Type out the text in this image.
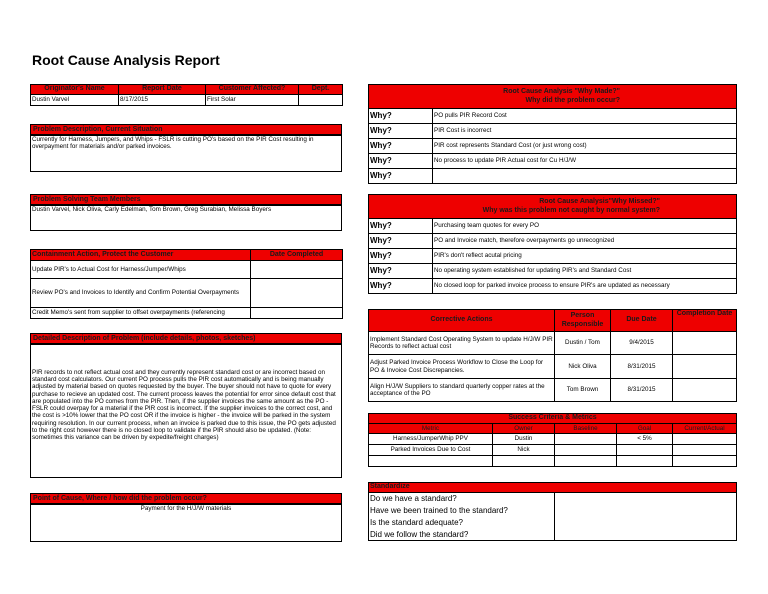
Root Cause Analysis Report
Originator's Name	Report Date	Customer Affected?	Dept.
Dustin Varvel	8/17/2015	First Solar	
Problem Description, Current Situation
Currently for Harness, Jumpers, and Whips - FSLR is cutting PO's based on the PIR Cost resulting in overpayment for materials and/or parked invoices.
Problem Solving Team Members
Dustin Varvel, Nick Oliva, Carly Edelman, Tom Brown, Greg Surabian, Melissa Boyers
Containment Action, Protect the Customer	Date Completed
Update PIR's to Actual Cost for Harness/Jumper/Whips	
Review PO's and Invoices to Identify and Confirm Potential Overpayments	
Credit Memo's sent from supplier to offset overpayments (referencing	
Detailed Description of Problem (include details, photos, sketches)
PIR records to not reflect actual cost and they currently represent standard cost or are incorrect based on standard cost calculators. Our current PO process pulls the PIR cost automatically and is being manually adjusted by material based on quotes requested by the buyer. The buyer should not have to quote for every purchase to recieve an updated cost. The current process leaves the potential for error since default cost that are populated into the PO comes from the PIR. Then, if the supplier invoices the same amount as the PO - FSLR could overpay for a material if the PIR cost is incorrect. If the supplier invoices to the correct cost, and the cost is >10% lower that the PO cost OR if the invoice is higher - the invoice will be parked in the system requiring resolution. In our current process, when an invoice is parked due to this issue, the PO gets adjusted to the right cost however there is no closed loop to validate if the PIR should also be updated. (Note: sometimes this variance can be driven by expedite/freight charges)
Point of Cause, Where / how did the problem occur?
Payment for the H/J/W materials
Root Cause Analysis "Why Made?"
Why did the problem occur?	

Why?	PO pulls PIR Record Cost
Why?	PIR Cost is incorrect
Why?	PIR cost represents Standard Cost (or just wrong cost)
Why?	No process to update PIR Actual cost for Cu H/J/W
Why?	
Root Cause Analysis"Why Missed?"
Why was this problem not caught by normal system?	

Why?	Purchasing team quotes for every PO
Why?	PO and Invoice match, therefore overpayments go unrecognized
Why?	PIR's don't reflect acutal pricing
Why?	No operating system established for updating PIR's and Standard Cost
Why?	No closed loop for parked invoice process to ensure PIR's are updated as necessary
Corrective Actions	Person Responsible	Due Date	Completion Date
Implement Standard Cost Operating System to update H/J/W PIR Records to reflect actual cost	Dustin / Tom	9/4/2015	
Adjust Parked Invoice Process Workflow to Close the Loop for PO & Invoice Cost Discrepancies.	Nick Oliva	8/31/2015	
Align H/J/W Suppliers to standard quarterly copper rates at the acceptance of the PO	Tom Brown	8/31/2015	
Success Criteria & Metrics				
Metric	Owner	Baseline	Goal	Current/Actual
Harness/JumperWhip PPV	Dustin		< 5%	
Parked Invoices Due to Cost	Nick			

Standardize
Do we have a standard?	
Have we been trained to the standard?
Is the standard adequate?
Did we follow the standard?
